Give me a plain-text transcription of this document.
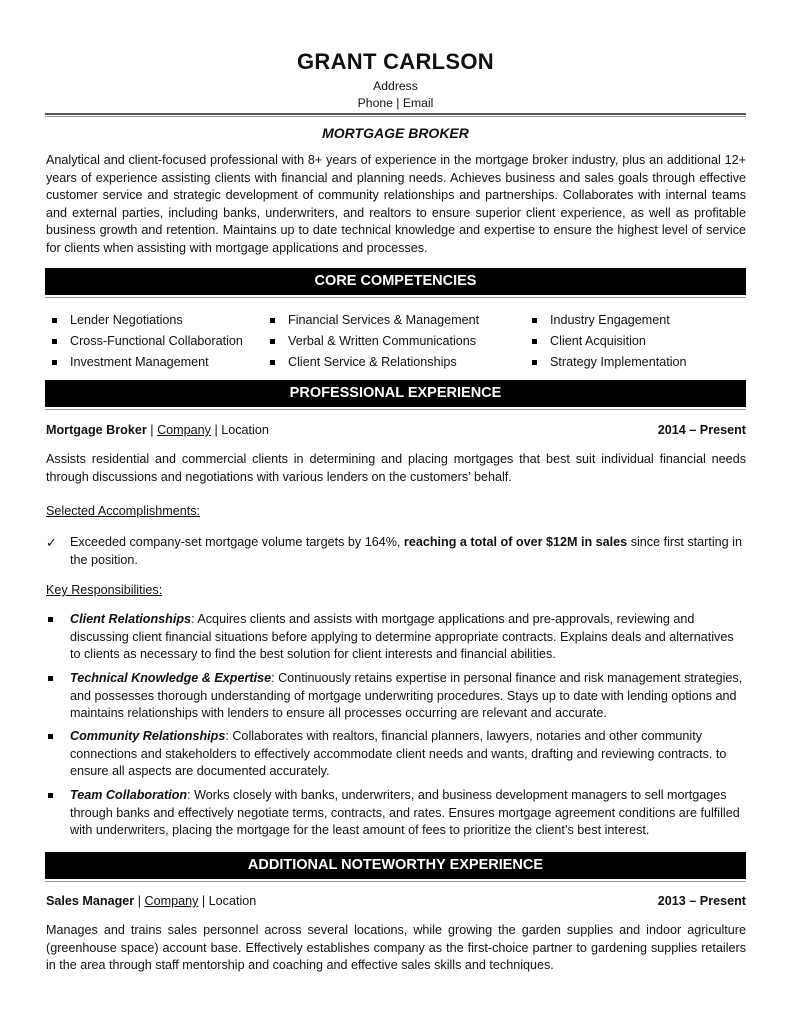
GRANT CARLSON
Address
Phone | Email
MORTGAGE BROKER
Analytical and client-focused professional with 8+ years of experience in the mortgage broker industry, plus an additional 12+ years of experience assisting clients with financial and planning needs. Achieves business and sales goals through effective customer service and strategic development of community relationships and partnerships. Collaborates with internal teams and external parties, including banks, underwriters, and realtors to ensure superior client experience, as well as profitable business growth and retention. Maintains up to date technical knowledge and expertise to ensure the highest level of service for clients when assisting with mortgage applications and processes.
CORE COMPETENCIES
Lender Negotiations
Cross-Functional Collaboration
Investment Management
Financial Services & Management
Verbal & Written Communications
Client Service & Relationships
Industry Engagement
Client Acquisition
Strategy Implementation
PROFESSIONAL EXPERIENCE
Mortgage Broker | Company | Location	2014 – Present
Assists residential and commercial clients in determining and placing mortgages that best suit individual financial needs through discussions and negotiations with various lenders on the customers’ behalf.
Selected Accomplishments:
✓	Exceeded company-set mortgage volume targets by 164%, reaching a total of over $12M in sales since first starting in the position.
Key Responsibilities:
Client Relationships: Acquires clients and assists with mortgage applications and pre-approvals, reviewing and discussing client financial situations before applying to determine appropriate contracts. Explains deals and alternatives to clients as necessary to find the best solution for client interests and financial abilities.
Technical Knowledge & Expertise: Continuously retains expertise in personal finance and risk management strategies, and possesses thorough understanding of mortgage underwriting procedures. Stays up to date with lending options and maintains relationships with lenders to ensure all processes occurring are relevant and accurate.
Community Relationships: Collaborates with realtors, financial planners, lawyers, notaries and other community connections and stakeholders to effectively accommodate client needs and wants, drafting and reviewing contracts. to ensure all aspects are documented accurately.
Team Collaboration: Works closely with banks, underwriters, and business development managers to sell mortgages through banks and effectively negotiate terms, contracts, and rates. Ensures mortgage agreement conditions are fulfilled with underwriters, placing the mortgage for the least amount of fees to prioritize the client’s best interest.
ADDITIONAL NOTEWORTHY EXPERIENCE
Sales Manager | Company | Location	2013 – Present
Manages and trains sales personnel across several locations, while growing the garden supplies and indoor agriculture (greenhouse space) account base. Effectively establishes company as the first-choice partner to gardening supplies retailers in the area through staff mentorship and coaching and effective sales skills and techniques.
